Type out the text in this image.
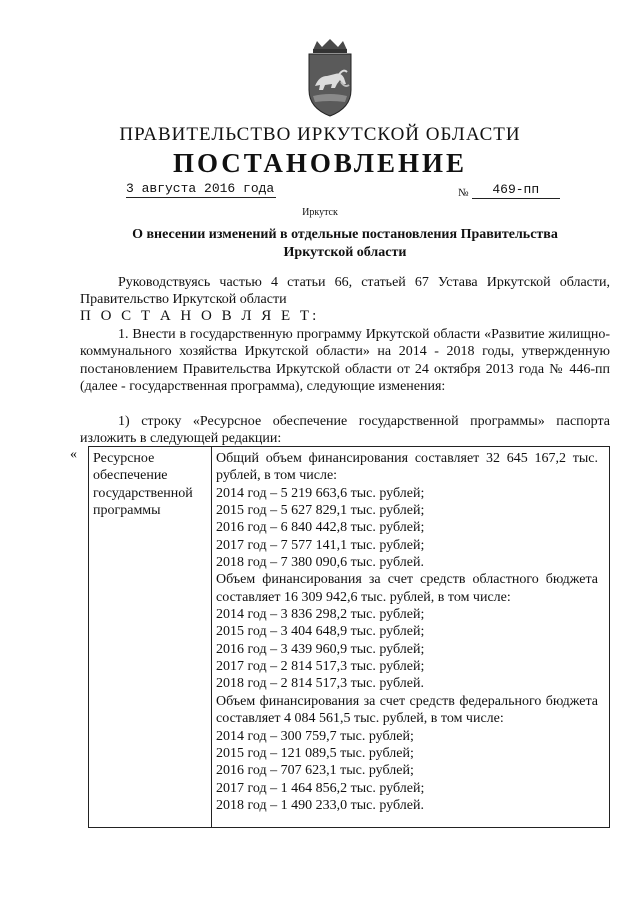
ПРАВИТЕЛЬСТВО ИРКУТСКОЙ ОБЛАСТИ
ПОСТАНОВЛЕНИЕ
3 августа 2016 года	№ 469-пп
Иркутск
О внесении изменений в отдельные постановления Правительства
Иркутской области

Руководствуясь частью 4 статьи 66, статьей 67 Устава Иркутской области, Правительство Иркутской области

П О С Т А Н О В Л Я Е Т:

1. Внести в государственную программу Иркутской области «Развитие жилищно-коммунального хозяйства Иркутской области» на 2014 - 2018 годы, утвержденную постановлением Правительства Иркутской области от 24 октября 2013 года № 446-пп (далее - государственная программа), следующие изменения:

1) строку «Ресурсное обеспечение государственной программы» паспорта изложить в следующей редакции:

« Ресурсное
обеспечение
государственной
программы
Общий объем финансирования составляет 32 645 167,2 тыс. рублей, в том числе:
2014 год – 5 219 663,6 тыс. рублей;
2015 год – 5 627 829,1 тыс. рублей;
2016 год – 6 840 442,8 тыс. рублей;
2017 год – 7 577 141,1 тыс. рублей;
2018 год – 7 380 090,6 тыс. рублей.
Объем финансирования за счет средств областного бюджета составляет 16 309 942,6 тыс. рублей, в том числе:
2014 год – 3 836 298,2 тыс. рублей;
2015 год – 3 404 648,9 тыс. рублей;
2016 год – 3 439 960,9 тыс. рублей;
2017 год – 2 814 517,3 тыс. рублей;
2018 год – 2 814 517,3 тыс. рублей.
Объем финансирования за счет средств федерального бюджета составляет 4 084 561,5 тыс. рублей, в том числе:
2014 год – 300 759,7 тыс. рублей;
2015 год – 121 089,5 тыс. рублей;
2016 год – 707 623,1 тыс. рублей;
2017 год – 1 464 856,2 тыс. рублей;
2018 год – 1 490 233,0 тыс. рублей.
